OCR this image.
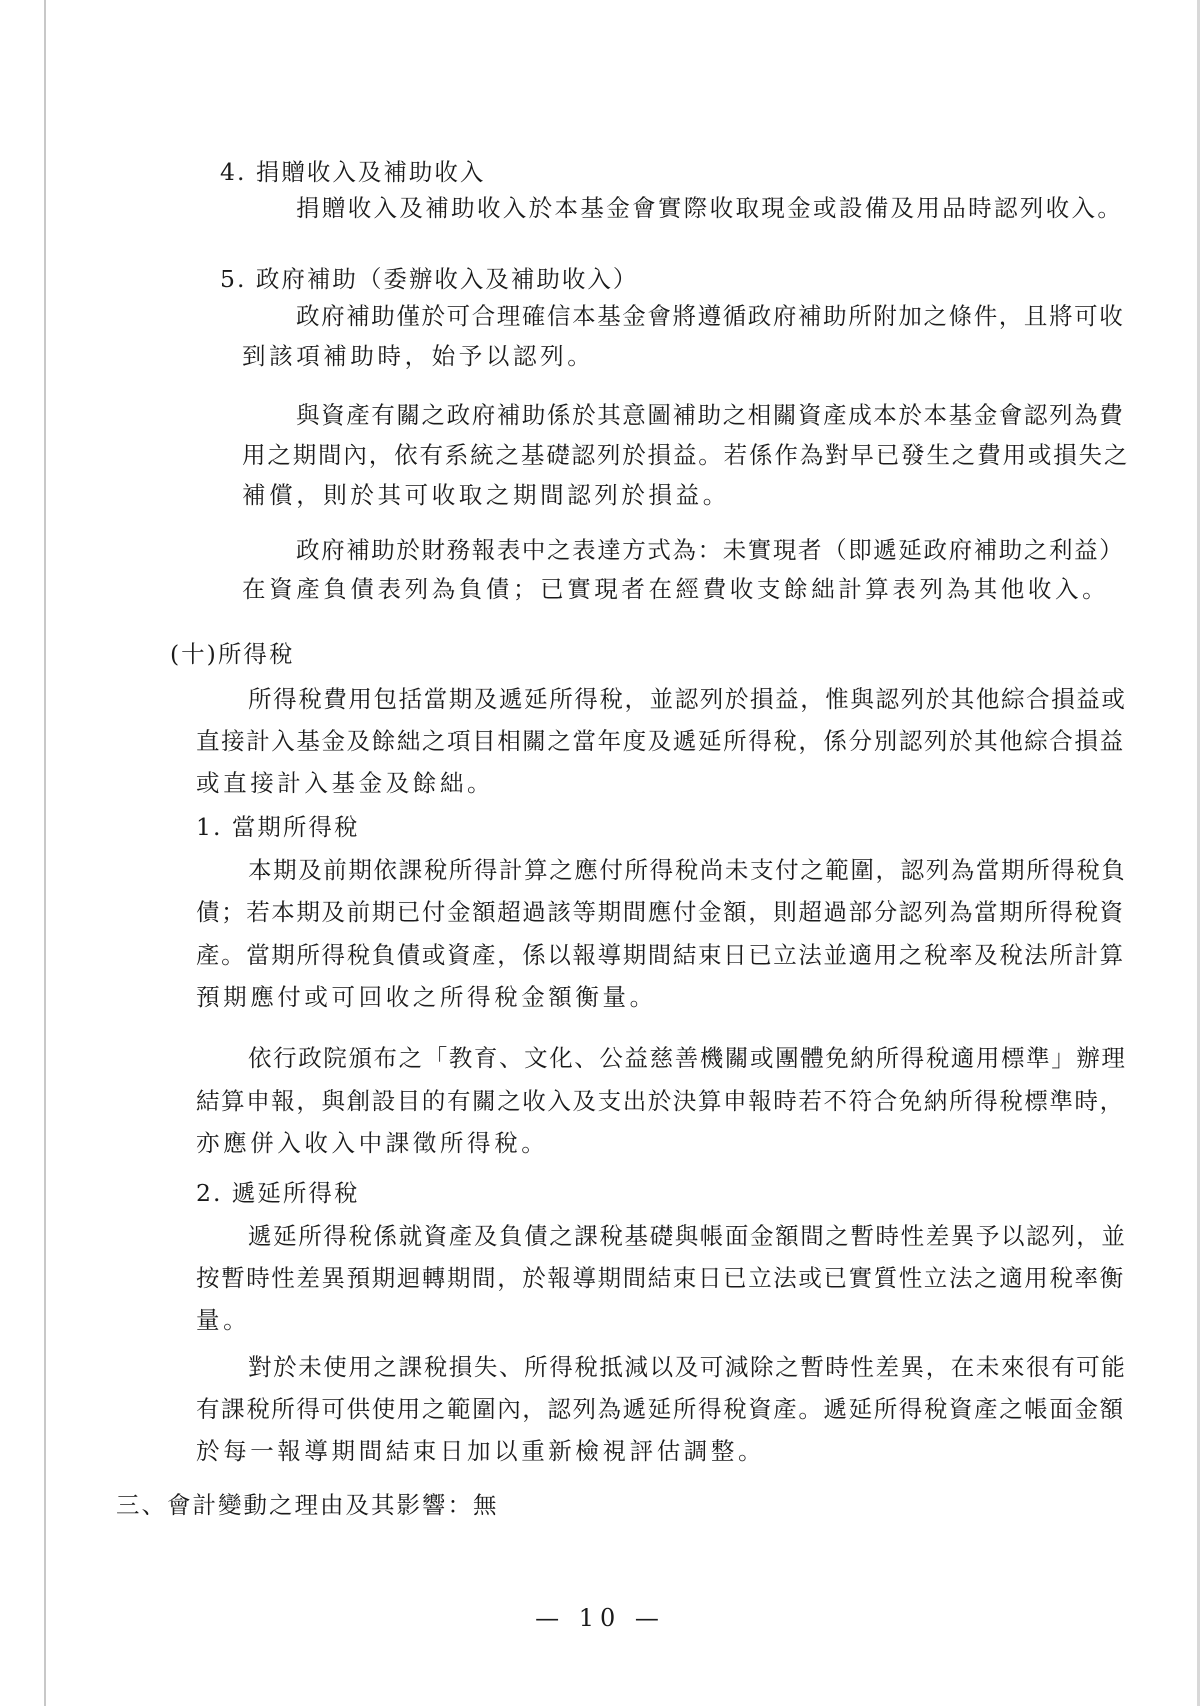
4. 捐贈收入及補助收入
捐贈收入及補助收入於本基金會實際收取現金或設備及用品時認列收入。
5. 政府補助（委辦收入及補助收入）
政府補助僅於可合理確信本基金會將遵循政府補助所附加之條件，且將可收
到該項補助時，始予以認列。
與資產有關之政府補助係於其意圖補助之相關資產成本於本基金會認列為費
用之期間內，依有系統之基礎認列於損益。若係作為對早已發生之費用或損失之
補償，則於其可收取之期間認列於損益。
政府補助於財務報表中之表達方式為：未實現者（即遞延政府補助之利益）
在資產負債表列為負債；已實現者在經費收支餘絀計算表列為其他收入。
(十)所得稅
所得稅費用包括當期及遞延所得稅，並認列於損益，惟與認列於其他綜合損益或
直接計入基金及餘絀之項目相關之當年度及遞延所得稅，係分別認列於其他綜合損益
或直接計入基金及餘絀。
1. 當期所得稅
本期及前期依課稅所得計算之應付所得稅尚未支付之範圍，認列為當期所得稅負
債；若本期及前期已付金額超過該等期間應付金額，則超過部分認列為當期所得稅資
產。當期所得稅負債或資產，係以報導期間結束日已立法並適用之稅率及稅法所計算
預期應付或可回收之所得稅金額衡量。
依行政院頒布之「教育、文化、公益慈善機關或團體免納所得稅適用標準」辦理
結算申報，與創設目的有關之收入及支出於決算申報時若不符合免納所得稅標準時，
亦應併入收入中課徵所得稅。
2. 遞延所得稅
遞延所得稅係就資產及負債之課稅基礎與帳面金額間之暫時性差異予以認列，並
按暫時性差異預期迴轉期間，於報導期間結束日已立法或已實質性立法之適用稅率衡
量。
對於未使用之課稅損失、所得稅抵減以及可減除之暫時性差異，在未來很有可能
有課稅所得可供使用之範圍內，認列為遞延所得稅資產。遞延所得稅資產之帳面金額
於每一報導期間結束日加以重新檢視評估調整。
三、會計變動之理由及其影響：無
— 10 —
